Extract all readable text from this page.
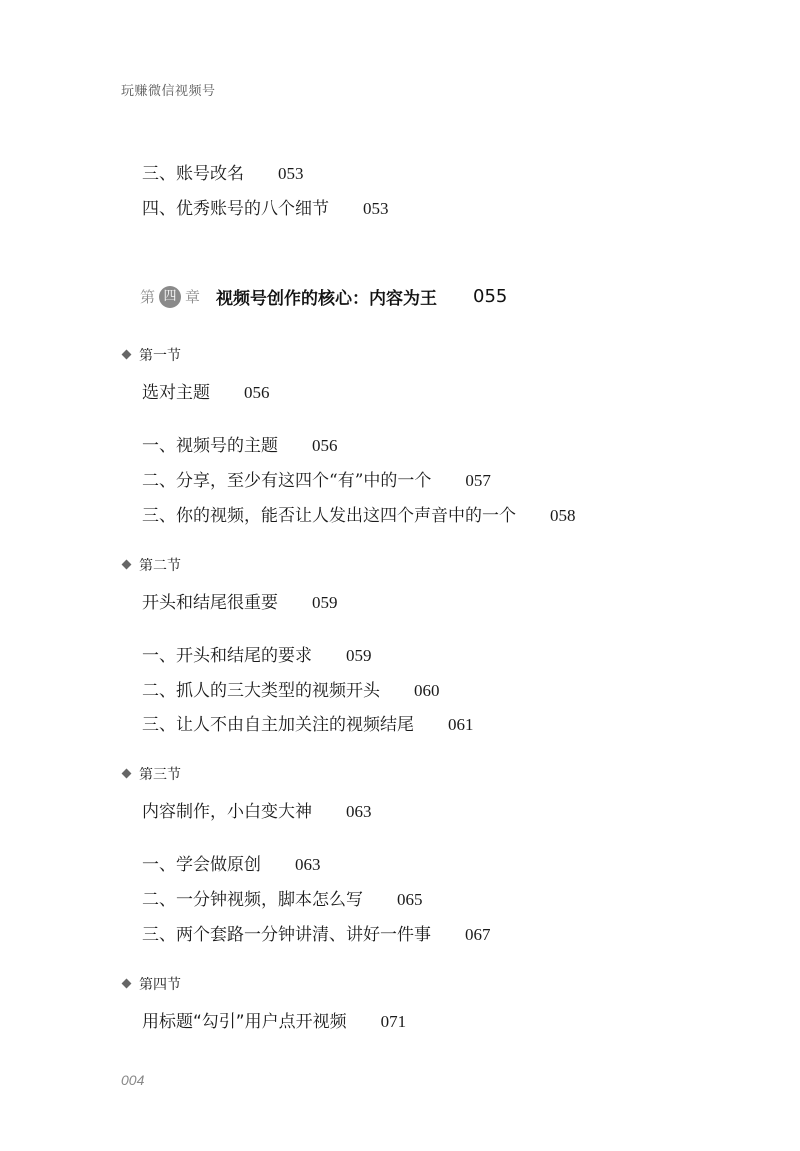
玩赚微信视频号
三、账号改名 053
四、优秀账号的八个细节 053
第 四 章 视频号创作的核心：内容为王 055
第一节
选对主题 056
一、视频号的主题 056
二、分享，至少有这四个“有”中的一个 057
三、你的视频，能否让人发出这四个声音中的一个 058
第二节
开头和结尾很重要 059
一、开头和结尾的要求 059
二、抓人的三大类型的视频开头 060
三、让人不由自主加关注的视频结尾 061
第三节
内容制作，小白变大神 063
一、学会做原创 063
二、一分钟视频，脚本怎么写 065
三、两个套路一分钟讲清、讲好一件事 067
第四节
用标题“勾引”用户点开视频 071
004
